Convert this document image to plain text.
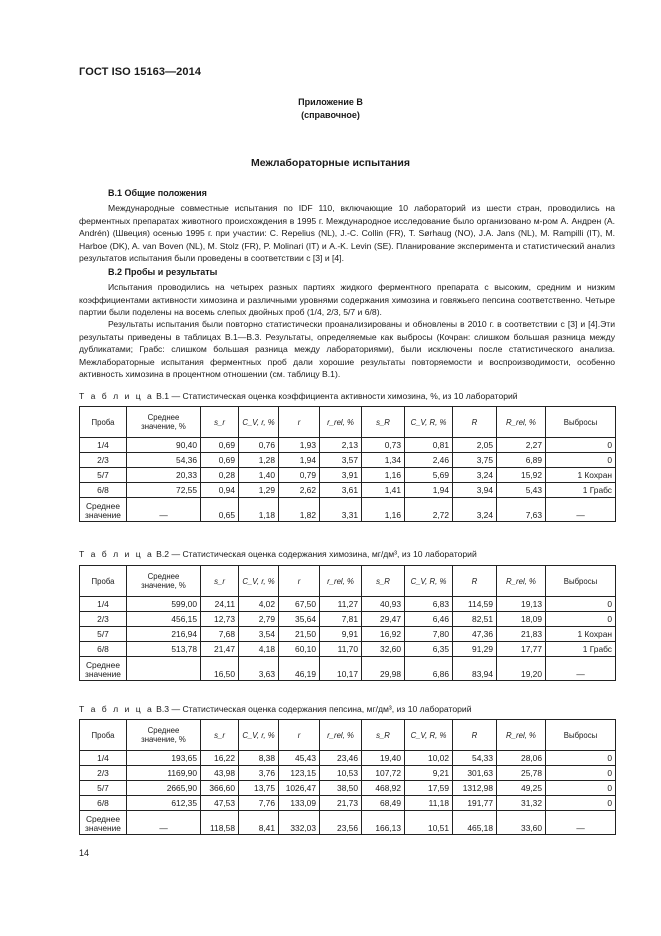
ГОСТ ISO 15163—2014
Приложение В
(справочное)
Межлабораторные испытания
В.1 Общие положения

Международные совместные испытания по IDF 110, включающие 10 лабораторий из шести стран, проводились на ферментных препаратах животного происхождения в 1995 г. Международное исследование было организовано м-ром А. Андрен (A. Andrén) (Швеция) осенью 1995 г. при участии: C. Repelius (NL), J.-C. Collin (FR), T. Sørhaug (NO), J.A. Jans (NL), M. Rampilli (IT), M. Harboe (DK), A. van Boven (NL), M. Stolz (FR), P. Molinari (IT) и A.-K. Levin (SE). Планирование эксперимента и статистический анализ результатов испытания были проведены в соответствии с [3] и [4].

В.2 Пробы и результаты

Испытания проводились на четырех разных партиях жидкого ферментного препарата с высоким, средним и низким коэффициентами активности химозина и различными уровнями содержания химозина и говяжьего пепсина соответственно. Четыре партии были поделены на восемь слепых двойных проб (1/4, 2/3, 5/7 и 6/8).

Результаты испытания были повторно статистически проанализированы и обновлены в 2010 г. в соответствии с [3] и [4].Эти результаты приведены в таблицах В.1—В.3. Результаты, определяемые как выбросы (Кочран: слишком большая разница между дубликатами; Грабс: слишком большая разница между лабораториями), были исключены после статистического анализа. Межлабораторные испытания ферментных проб дали хорошие результаты повторяемости и воспроизводимости, особенно активность химозина в процентном отношении (см. таблицу В.1).

Т а б л и ц а В.1 — Статистическая оценка коэффициента активности химозина, %, из 10 лабораторий
Проба	Среднее значение, %	s_r	C_V, r, %	r	r_rel, %	s_R	C_V, R, %	R	R_rel, %	Выбросы
1/4	90,40	0,69	0,76	1,93	2,13	0,73	0,81	2,05	2,27	0
2/3	54,36	0,69	1,28	1,94	3,57	1,34	2,46	3,75	6,89	0
5/7	20,33	0,28	1,40	0,79	3,91	1,16	5,69	3,24	15,92	1 Кохран
6/8	72,55	0,94	1,29	2,62	3,61	1,41	1,94	3,94	5,43	1 Грабс
Среднее значение	—	0,65	1,18	1,82	3,31	1,16	2,72	3,24	7,63	—
Т а б л и ц а В.2 — Статистическая оценка содержания химозина, мг/дм³, из 10 лабораторий
Проба	Среднее значение, %	s_r	C_V, r, %	r	r_rel, %	s_R	C_V, R, %	R	R_rel, %	Выбросы
1/4	599,00	24,11	4,02	67,50	11,27	40,93	6,83	114,59	19,13	0
2/3	456,15	12,73	2,79	35,64	7,81	29,47	6,46	82,51	18,09	0
5/7	216,94	7,68	3,54	21,50	9,91	16,92	7,80	47,36	21,83	1 Кохран
6/8	513,78	21,47	4,18	60,10	11,70	32,60	6,35	91,29	17,77	1 Грабс
Среднее значение		16,50	3,63	46,19	10,17	29,98	6,86	83,94	19,20	—
Т а б л и ц а В.3 — Статистическая оценка содержания пепсина, мг/дм³, из 10 лабораторий
Проба	Среднее значение, %	s_r	C_V, r, %	r	r_rel, %	s_R	C_V, R, %	R	R_rel, %	Выбросы
1/4	193,65	16,22	8,38	45,43	23,46	19,40	10,02	54,33	28,06	0
2/3	1169,90	43,98	3,76	123,15	10,53	107,72	9,21	301,63	25,78	0
5/7	2665,90	366,60	13,75	1026,47	38,50	468,92	17,59	1312,98	49,25	0
6/8	612,35	47,53	7,76	133,09	21,73	68,49	11,18	191,77	31,32	0
Среднее значение	—	118,58	8,41	332,03	23,56	166,13	10,51	465,18	33,60	—
14
